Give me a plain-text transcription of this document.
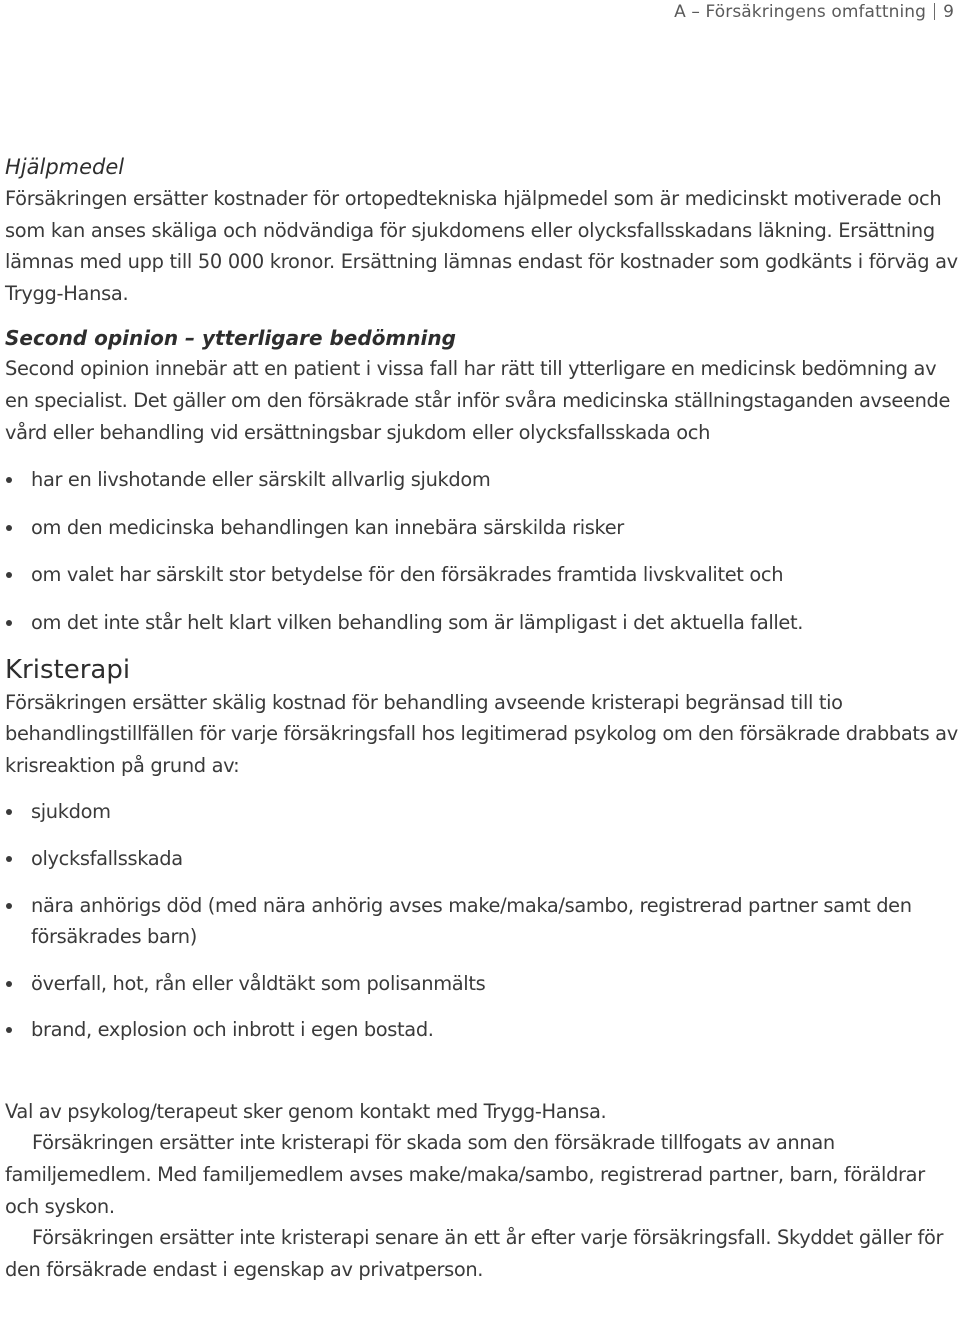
A – Försäkringens omfattning 9
Hjälpmedel

Försäkringen ersätter kostnader för ortopedtekniska hjälpmedel som är medicinskt motiverade och som kan anses skäliga och nödvändiga för sjukdomens eller olycksfallsskadans läkning. Ersättning lämnas med upp till 50 000 kronor. Ersättning lämnas endast för kostnader som godkänts i förväg av Trygg-Hansa.

Second opinion – ytterligare bedömning

Second opinion innebär att en patient i vissa fall har rätt till ytterligare en medicinsk bedömning av en specialist. Det gäller om den försäkrade står inför svåra medicinska ställningstaganden avseende vård eller behandling vid ersättningsbar sjukdom eller olycksfallsskada och

har en livshotande eller särskilt allvarlig sjukdom
om den medicinska behandlingen kan innebära särskilda risker
om valet har särskilt stor betydelse för den försäkrades framtida livskvalitet och
om det inte står helt klart vilken behandling som är lämpligast i det aktuella fallet.
Kristerapi

Försäkringen ersätter skälig kostnad för behandling avseende kristerapi begränsad till tio behandlingstillfällen för varje försäkringsfall hos legitimerad psykolog om den försäkrade drabbats av krisreaktion på grund av:

sjukdom
olycksfallsskada
nära anhörigs död (med nära anhörig avses make/maka/sambo, registrerad partner samt den försäkrades barn)
överfall, hot, rån eller våldtäkt som polisanmälts
brand, explosion och inbrott i egen bostad.

Val av psykolog/terapeut sker genom kontakt med Trygg-Hansa.

Försäkringen ersätter inte kristerapi för skada som den försäkrade tillfogats av annan familjemedlem. Med familjemedlem avses make/maka/sambo, registrerad partner, barn, föräldrar och syskon.

Försäkringen ersätter inte kristerapi senare än ett år efter varje försäkringsfall. Skyddet gäller för den försäkrade endast i egenskap av privatperson.
